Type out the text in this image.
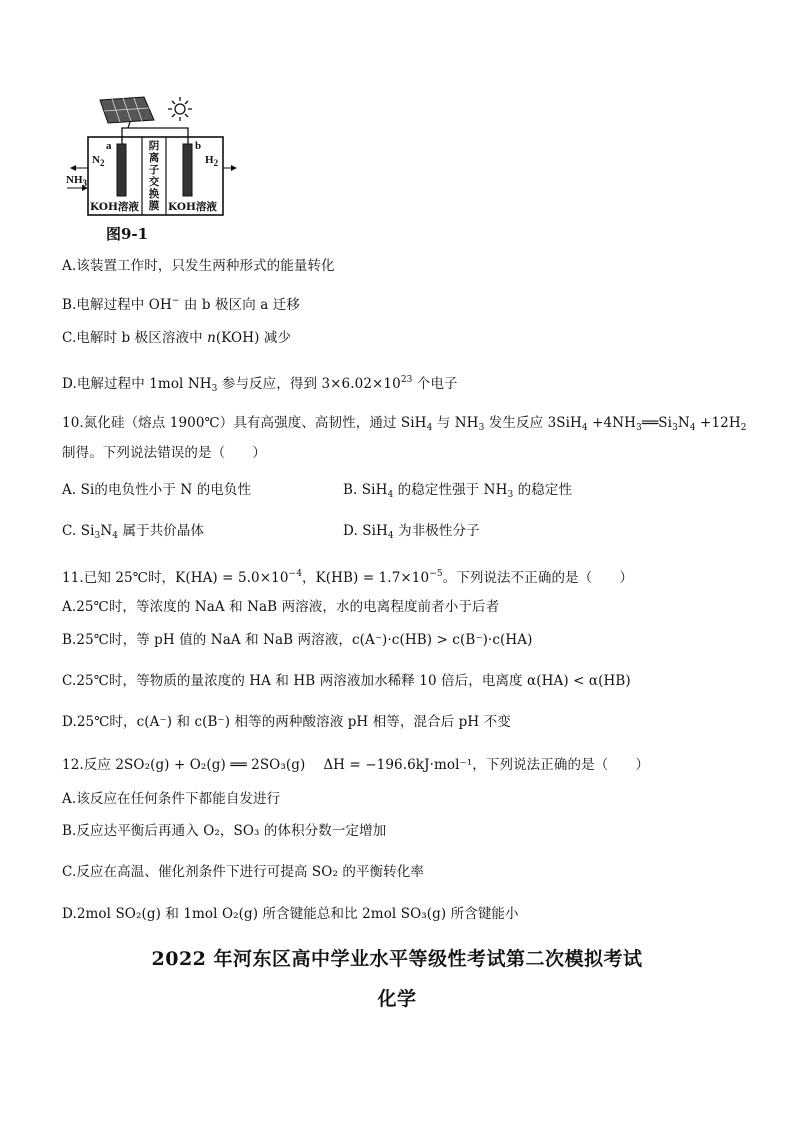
a	b
$N_2$
$NH_3$
$H_2$
阴
离
子
交
换
膜
KOH溶液	KOH溶液
图9-1
A.该装置工作时，只发生两种形式的能量转化
B.电解过程中 OH− 由 b 极区向 a 迁移
C.电解时 b 极区溶液中 n(KOH) 减少
D.电解过程中 1mol $NH_3$ 参与反应，得到 $3\times 6.02\times 10^{23}$ 个电子
10.氮化硅（熔点 1900℃）具有高强度、高韧性，通过 SiH$_4$ 与 $NH_3$ 发生反应 $3SiH_4 +4NH_3══Si_3N_4 +12H_2$
制得。下列说法错误的是（　　）
A. Si的电负性小于 N 的电负性	B. SiH$_4$ 的稳定性强于 $NH_3$ 的稳定性
C. $Si_3N_4$ 属于共价晶体	D. SiH$_4$ 为非极性分子
11.已知 25℃时，$K(HA) = 5.0\times 10^{-4}$，$K(HB) = 1.7\times 10^{-5}$。下列说法不正确的是（　　）
A.25℃时，等浓度的 NaA 和 NaB 两溶液，水的电离程度前者小于后者
B.25℃时，等 pH 值的 NaA 和 NaB 两溶液，c(A⁻)·c(HB) > c(B⁻)·c(HA)
C.25℃时，等物质的量浓度的 HA 和 HB 两溶液加水稀释 10 倍后，电离度 α(HA) < α(HB)
D.25℃时，c(A⁻) 和 c(B⁻) 相等的两种酸溶液 pH 相等，混合后 pH 不变
12.反应 2SO₂(g) + O₂(g) ══ 2SO₃(g)　 ΔH = −196.6kJ·mol⁻¹，下列说法正确的是（　　）
A.该反应在任何条件下都能自发进行
B.反应达平衡后再通入 O₂，SO₃ 的体积分数一定增加
C.反应在高温、催化剂条件下进行可提高 SO₂ 的平衡转化率
D.2mol SO₂(g) 和 1mol O₂(g) 所含键能总和比 2mol SO₃(g) 所含键能小
2022 年河东区高中学业水平等级性考试第二次模拟考试
化学
